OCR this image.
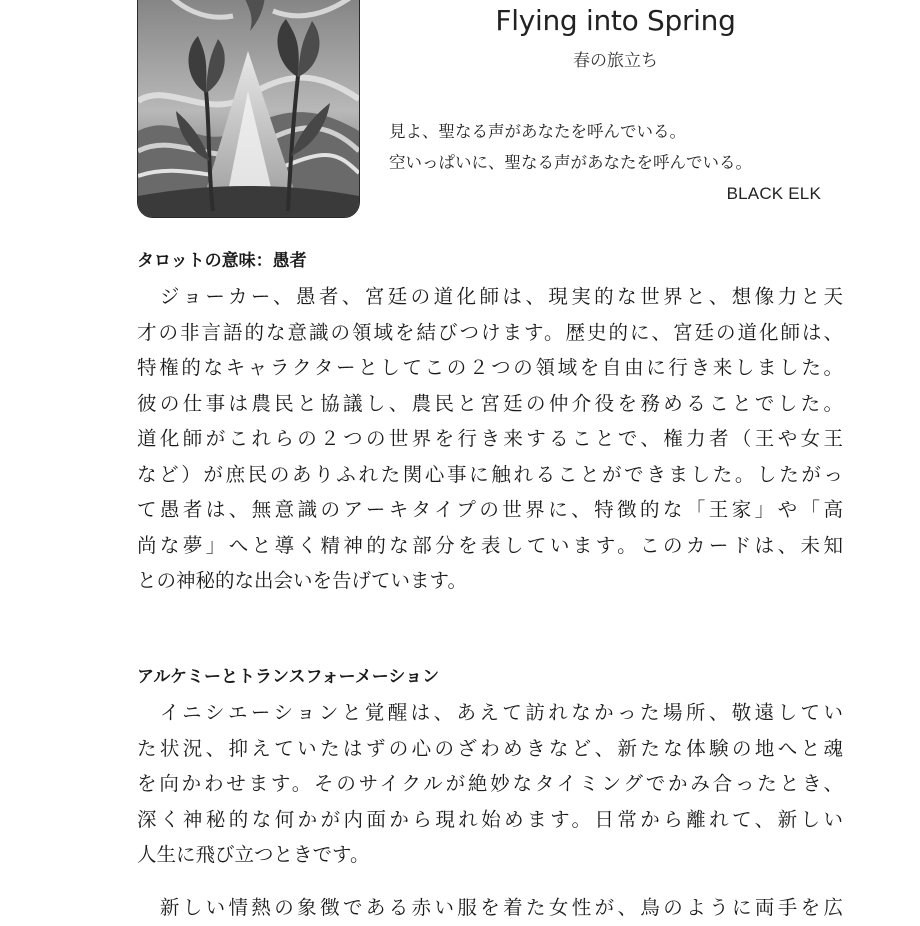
Flying into Spring
春の旅立ち
見よ、聖なる声があなたを呼んでいる。
空いっぱいに、聖なる声があなたを呼んでいる。
BLACK ELK
タロットの意味：愚者

　ジョーカー、愚者、宮廷の道化師は、現実的な世界と、想像力と天
才の非言語的な意識の領域を結びつけます。歴史的に、宮廷の道化師は、
特権的なキャラクターとしてこの２つの領域を自由に行き来しました。
彼の仕事は農民と協議し、農民と宮廷の仲介役を務めることでした。
道化師がこれらの２つの世界を行き来することで、権力者（王や女王
など）が庶民のありふれた関心事に触れることができました。したがっ
て愚者は、無意識のアーキタイプの世界に、特徴的な「王家」や「高
尚な夢」へと導く精神的な部分を表しています。このカードは、未知
との神秘的な出会いを告げています。

アルケミーとトランスフォーメーション

　イニシエーションと覚醒は、あえて訪れなかった場所、敬遠してい
た状況、抑えていたはずの心のざわめきなど、新たな体験の地へと魂
を向かわせます。そのサイクルが絶妙なタイミングでかみ合ったとき、
深く神秘的な何かが内面から現れ始めます。日常から離れて、新しい
人生に飛び立つときです。

　新しい情熱の象徴である赤い服を着た女性が、鳥のように両手を広
